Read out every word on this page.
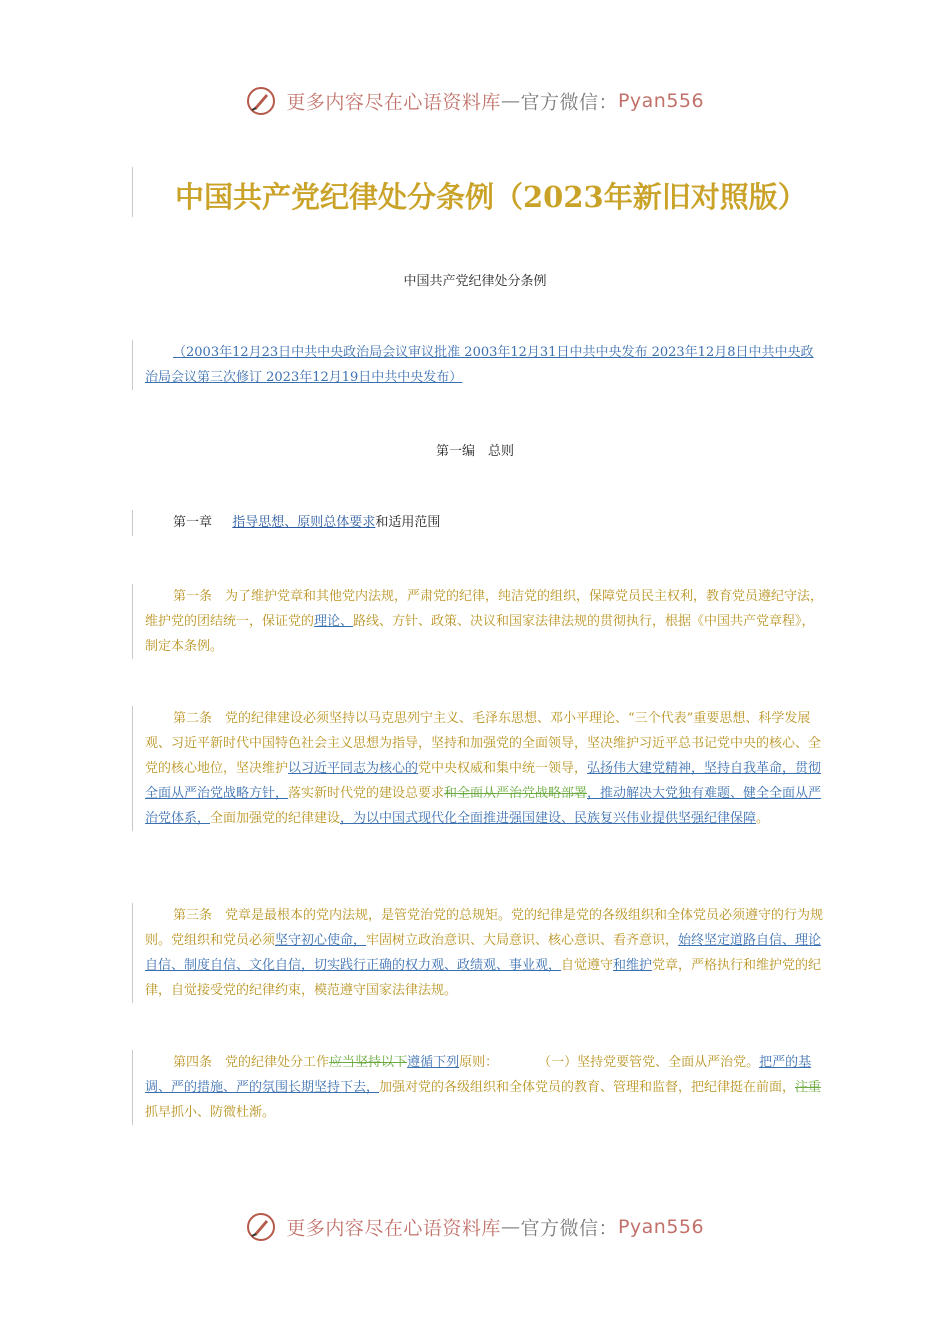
更多内容尽在心语资料库—官方微信：Pyan556
中国共产党纪律处分条例（2023年新旧对照版）
中国共产党纪律处分条例
（2003年12月23日中共中央政治局会议审议批准 2003年12月31日中共中央发布 2023年12月8日中共中央政治局会议第三次修订 2023年12月19日中共中央发布）
第一编　总则
第一章 指导思想、原则总体要求和适用范围
第一条　 为了维护党章和其他党内法规，严肃党的纪律，纯洁党的组织，保障党员民主权利，教育党员遵纪守法，维护党的团结统一，保证党的理论、路线、方针、政策、决议和国家法律法规的贯彻执行，根据《中国共产党章程》，制定本条例。
第二条　 党的纪律建设必须坚持以马克思列宁主义、毛泽东思想、邓小平理论、“三个代表”重要思想、科学发展观、习近平新时代中国特色社会主义思想为指导，坚持和加强党的全面领导，坚决维护习近平总书记党中央的核心、全党的核心地位，坚决维护以习近平同志为核心的党中央权威和集中统一领导，弘扬伟大建党精神，坚持自我革命，贯彻全面从严治党战略方针，落实新时代党的建设总要求和全面从严治党战略部署，推动解决大党独有难题、健全全面从严治党体系，全面加强党的纪律建设，为以中国式现代化全面推进强国建设、民族复兴伟业提供坚强纪律保障。
第三条　 党章是最根本的党内法规，是管党治党的总规矩。党的纪律是党的各级组织和全体党员必须遵守的行为规则。党组织和党员必须坚守初心使命，牢固树立政治意识、大局意识、核心意识、看齐意识，始终坚定道路自信、理论自信、制度自信、文化自信，切实践行正确的权力观、政绩观、事业观，自觉遵守和维护党章，严格执行和维护党的纪律，自觉接受党的纪律约束，模范遵守国家法律法规。
第四条　 党的纪律处分工作应当坚持以下遵循下列原则：	（一）坚持党要管党、全面从严治党。把严的基调、严的措施、严的氛围长期坚持下去，加强对党的各级组织和全体党员的教育、管理和监督，把纪律挺在前面，注重抓早抓小、防微杜渐。
更多内容尽在心语资料库—官方微信：Pyan556
